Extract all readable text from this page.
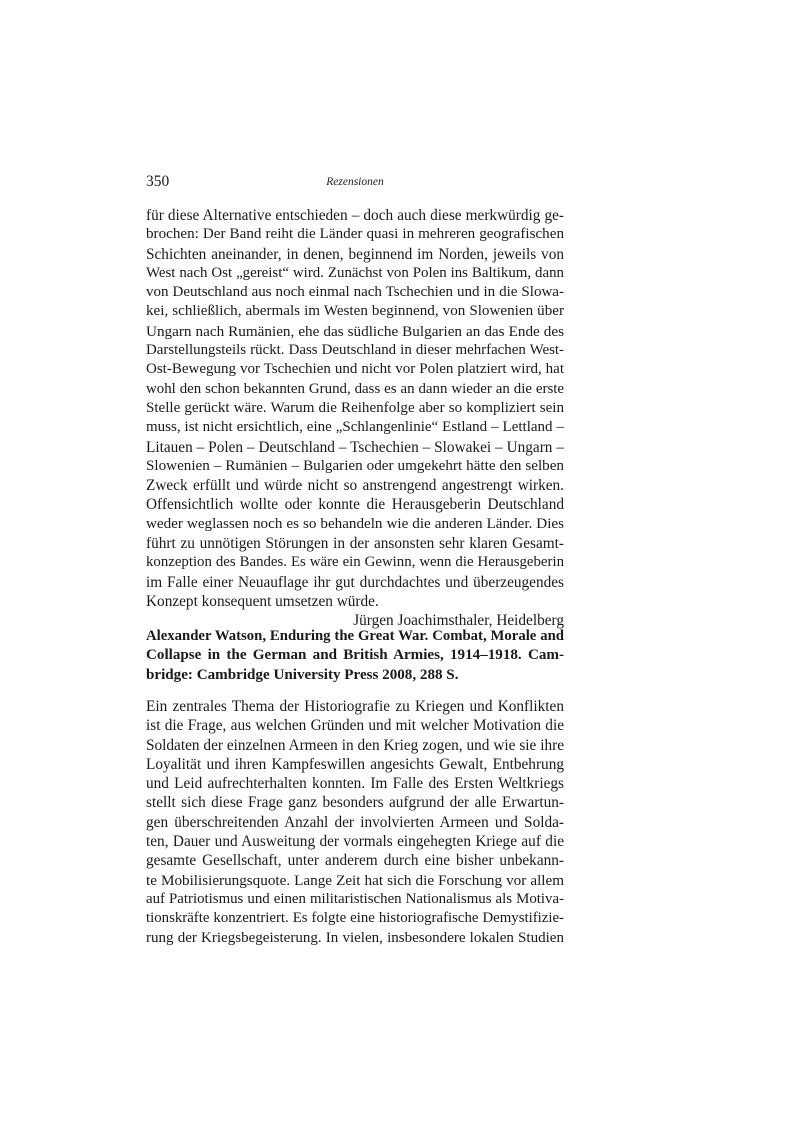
350	Rezensionen
für diese Alternative entschieden – doch auch diese merkwürdig ge-
brochen: Der Band reiht die Länder quasi in mehreren geografischen
Schichten aneinander, in denen, beginnend im Norden, jeweils von
West nach Ost „gereist“ wird. Zunächst von Polen ins Baltikum, dann
von Deutschland aus noch einmal nach Tschechien und in die Slowa-
kei, schließlich, abermals im Westen beginnend, von Slowenien über
Ungarn nach Rumänien, ehe das südliche Bulgarien an das Ende des
Darstellungsteils rückt. Dass Deutschland in dieser mehrfachen West-
Ost-Bewegung vor Tschechien und nicht vor Polen platziert wird, hat
wohl den schon bekannten Grund, dass es an dann wieder an die erste
Stelle gerückt wäre. Warum die Reihenfolge aber so kompliziert sein
muss, ist nicht ersichtlich, eine „Schlangenlinie“ Estland – Lettland –
Litauen – Polen – Deutschland – Tschechien – Slowakei – Ungarn –
Slowenien – Rumänien – Bulgarien oder umgekehrt hätte den selben
Zweck erfüllt und würde nicht so anstrengend angestrengt wirken.
Offensichtlich wollte oder konnte die Herausgeberin Deutschland
weder weglassen noch es so behandeln wie die anderen Länder. Dies
führt zu unnötigen Störungen in der ansonsten sehr klaren Gesamt-
konzeption des Bandes. Es wäre ein Gewinn, wenn die Herausgeberin
im Falle einer Neuauflage ihr gut durchdachtes und überzeugendes
Konzept konsequent umsetzen würde.
Jürgen Joachimsthaler, Heidelberg
Alexander Watson, Enduring the Great War. Combat, Morale and
Collapse in the German and British Armies, 1914–1918. Cam-
bridge: Cambridge University Press 2008, 288 S.
Ein zentrales Thema der Historiografie zu Kriegen und Konflikten
ist die Frage, aus welchen Gründen und mit welcher Motivation die
Soldaten der einzelnen Armeen in den Krieg zogen, und wie sie ihre
Loyalität und ihren Kampfeswillen angesichts Gewalt, Entbehrung
und Leid aufrechterhalten konnten. Im Falle des Ersten Weltkriegs
stellt sich diese Frage ganz besonders aufgrund der alle Erwartun-
gen überschreitenden Anzahl der involvierten Armeen und Solda-
ten, Dauer und Ausweitung der vormals eingehegten Kriege auf die
gesamte Gesellschaft, unter anderem durch eine bisher unbekann-
te Mobilisierungsquote. Lange Zeit hat sich die Forschung vor allem
auf Patriotismus und einen militaristischen Nationalismus als Motiva-
tionskräfte konzentriert. Es folgte eine historiografische Demystifizie-
rung der Kriegsbegeisterung. In vielen, insbesondere lokalen Studien
